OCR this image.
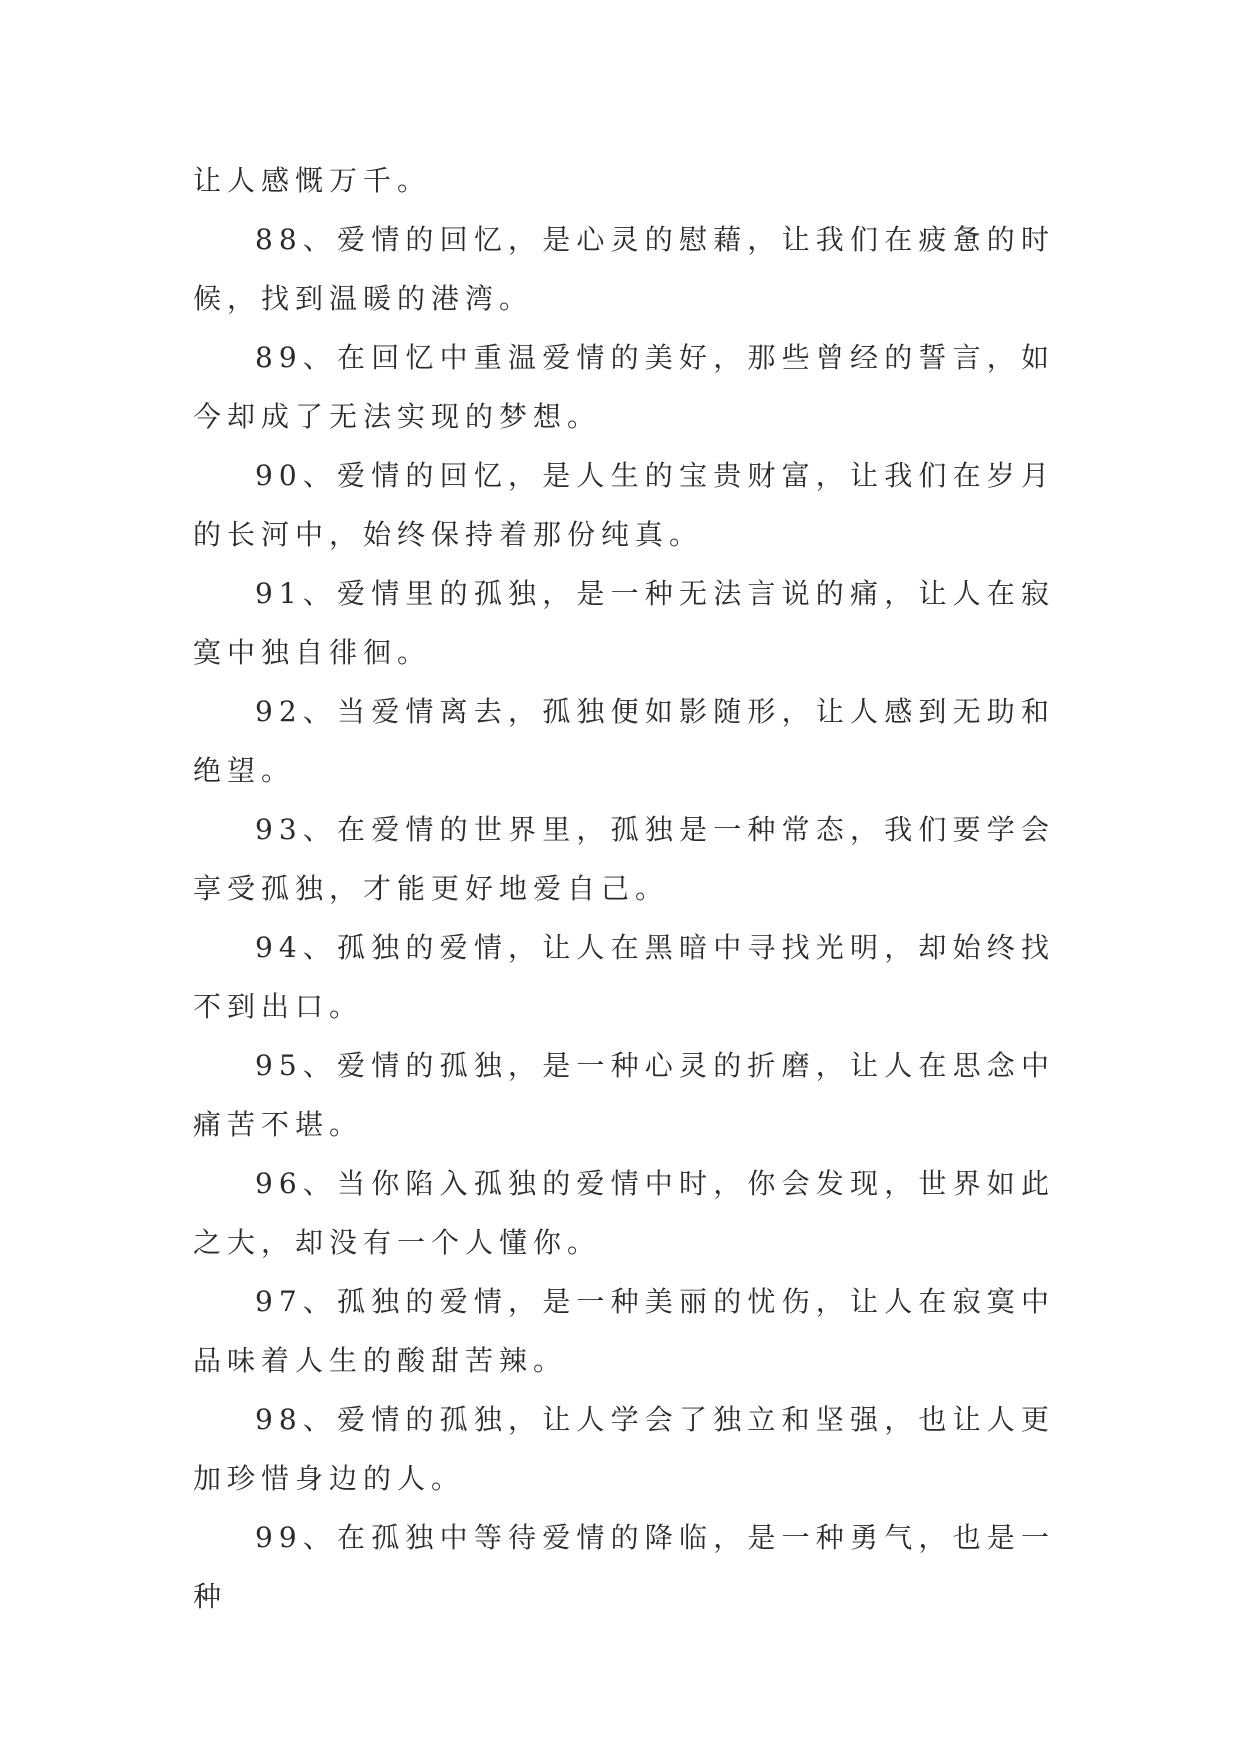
让人感慨万千。

88、爱情的回忆，是心灵的慰藉，让我们在疲惫的时候，找到温暖的港湾。

89、在回忆中重温爱情的美好，那些曾经的誓言，如今却成了无法实现的梦想。

90、爱情的回忆，是人生的宝贵财富，让我们在岁月的长河中，始终保持着那份纯真。

91、爱情里的孤独，是一种无法言说的痛，让人在寂寞中独自徘徊。

92、当爱情离去，孤独便如影随形，让人感到无助和绝望。

93、在爱情的世界里，孤独是一种常态，我们要学会享受孤独，才能更好地爱自己。

94、孤独的爱情，让人在黑暗中寻找光明，却始终找不到出口。

95、爱情的孤独，是一种心灵的折磨，让人在思念中痛苦不堪。

96、当你陷入孤独的爱情中时，你会发现，世界如此之大，却没有一个人懂你。

97、孤独的爱情，是一种美丽的忧伤，让人在寂寞中品味着人生的酸甜苦辣。

98、爱情的孤独，让人学会了独立和坚强，也让人更加珍惜身边的人。

99、在孤独中等待爱情的降临，是一种勇气，也是一种
